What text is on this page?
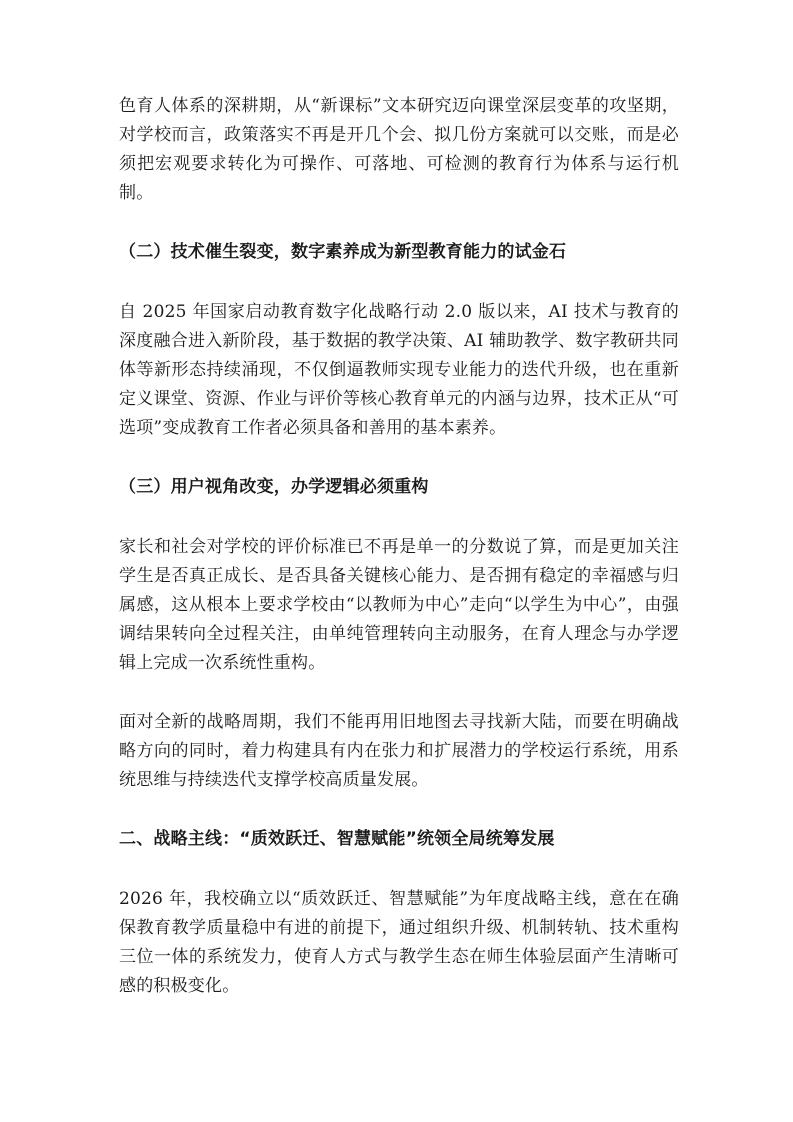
色育人体系的深耕期，从“新课标”文本研究迈向课堂深层变革的攻坚期，对学校而言，政策落实不再是开几个会、拟几份方案就可以交账，而是必须把宏观要求转化为可操作、可落地、可检测的教育行为体系与运行机制。

（二）技术催生裂变，数字素养成为新型教育能力的试金石

自 2025 年国家启动教育数字化战略行动 2.0 版以来，AI 技术与教育的深度融合进入新阶段，基于数据的教学决策、AI 辅助教学、数字教研共同体等新形态持续涌现，不仅倒逼教师实现专业能力的迭代升级，也在重新定义课堂、资源、作业与评价等核心教育单元的内涵与边界，技术正从“可选项”变成教育工作者必须具备和善用的基本素养。

（三）用户视角改变，办学逻辑必须重构

家长和社会对学校的评价标准已不再是单一的分数说了算，而是更加关注学生是否真正成长、是否具备关键核心能力、是否拥有稳定的幸福感与归属感，这从根本上要求学校由“以教师为中心”走向“以学生为中心”，由强调结果转向全过程关注，由单纯管理转向主动服务，在育人理念与办学逻辑上完成一次系统性重构。

面对全新的战略周期，我们不能再用旧地图去寻找新大陆，而要在明确战略方向的同时，着力构建具有内在张力和扩展潜力的学校运行系统，用系统思维与持续迭代支撑学校高质量发展。

二、战略主线：“质效跃迁、智慧赋能”统领全局统筹发展

2026 年，我校确立以“质效跃迁、智慧赋能”为年度战略主线，意在在确保教育教学质量稳中有进的前提下，通过组织升级、机制转轨、技术重构三位一体的系统发力，使育人方式与教学生态在师生体验层面产生清晰可感的积极变化。
